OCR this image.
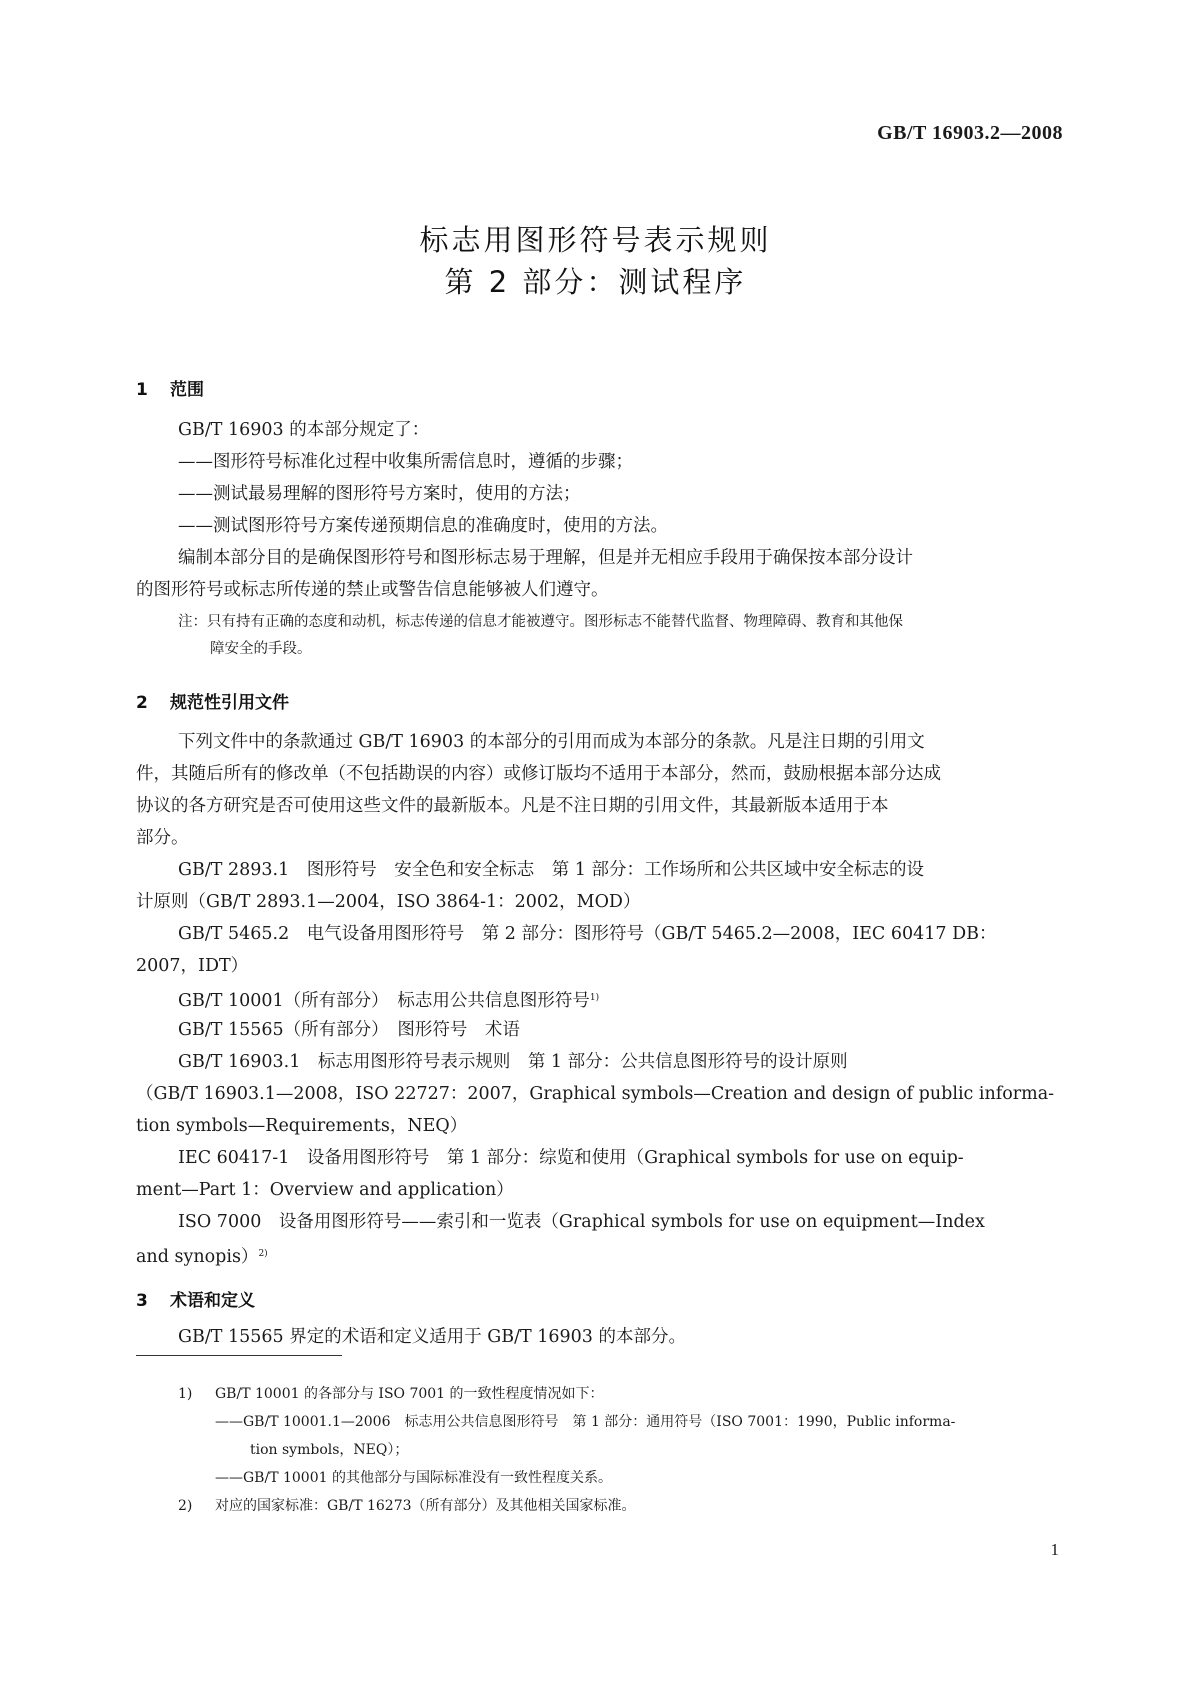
GB/T 16903.2—2008
标志用图形符号表示规则
第 2 部分：测试程序
1 范围
GB/T 16903 的本部分规定了：
——图形符号标准化过程中收集所需信息时，遵循的步骤；
——测试最易理解的图形符号方案时，使用的方法；
——测试图形符号方案传递预期信息的准确度时，使用的方法。
编制本部分目的是确保图形符号和图形标志易于理解，但是并无相应手段用于确保按本部分设计
的图形符号或标志所传递的禁止或警告信息能够被人们遵守。
注：只有持有正确的态度和动机，标志传递的信息才能被遵守。图形标志不能替代监督、物理障碍、教育和其他保
障安全的手段。
2 规范性引用文件
下列文件中的条款通过 GB/T 16903 的本部分的引用而成为本部分的条款。凡是注日期的引用文
件，其随后所有的修改单（不包括勘误的内容）或修订版均不适用于本部分，然而，鼓励根据本部分达成
协议的各方研究是否可使用这些文件的最新版本。凡是不注日期的引用文件，其最新版本适用于本
部分。
GB/T 2893.1　图形符号　安全色和安全标志　第 1 部分：工作场所和公共区域中安全标志的设
计原则（GB/T 2893.1—2004，ISO 3864-1：2002，MOD）
GB/T 5465.2　电气设备用图形符号　第 2 部分：图形符号（GB/T 5465.2—2008，IEC 60417 DB：
2007，IDT）
GB/T 10001（所有部分）　标志用公共信息图形符号$^{1)}$
GB/T 15565（所有部分）　图形符号　术语
GB/T 16903.1　标志用图形符号表示规则　第 1 部分：公共信息图形符号的设计原则
（GB/T 16903.1—2008，ISO 22727：2007，Graphical symbols—Creation and design of public informa-
tion symbols—Requirements，NEQ）
IEC 60417-1　设备用图形符号　第 1 部分：综览和使用（Graphical symbols for use on equip-
ment—Part 1：Overview and application）
ISO 7000　设备用图形符号——索引和一览表（Graphical symbols for use on equipment—Index
and synopis）$^{2)}$
3 术语和定义
GB/T 15565 界定的术语和定义适用于 GB/T 16903 的本部分。
1) GB/T 10001 的各部分与 ISO 7001 的一致性程度情况如下：
——GB/T 10001.1—2006　标志用公共信息图形符号　第 1 部分：通用符号（ISO 7001：1990，Public informa-
tion symbols，NEQ）；
——GB/T 10001 的其他部分与国际标准没有一致性程度关系。
2) 对应的国家标准：GB/T 16273（所有部分）及其他相关国家标准。
1
